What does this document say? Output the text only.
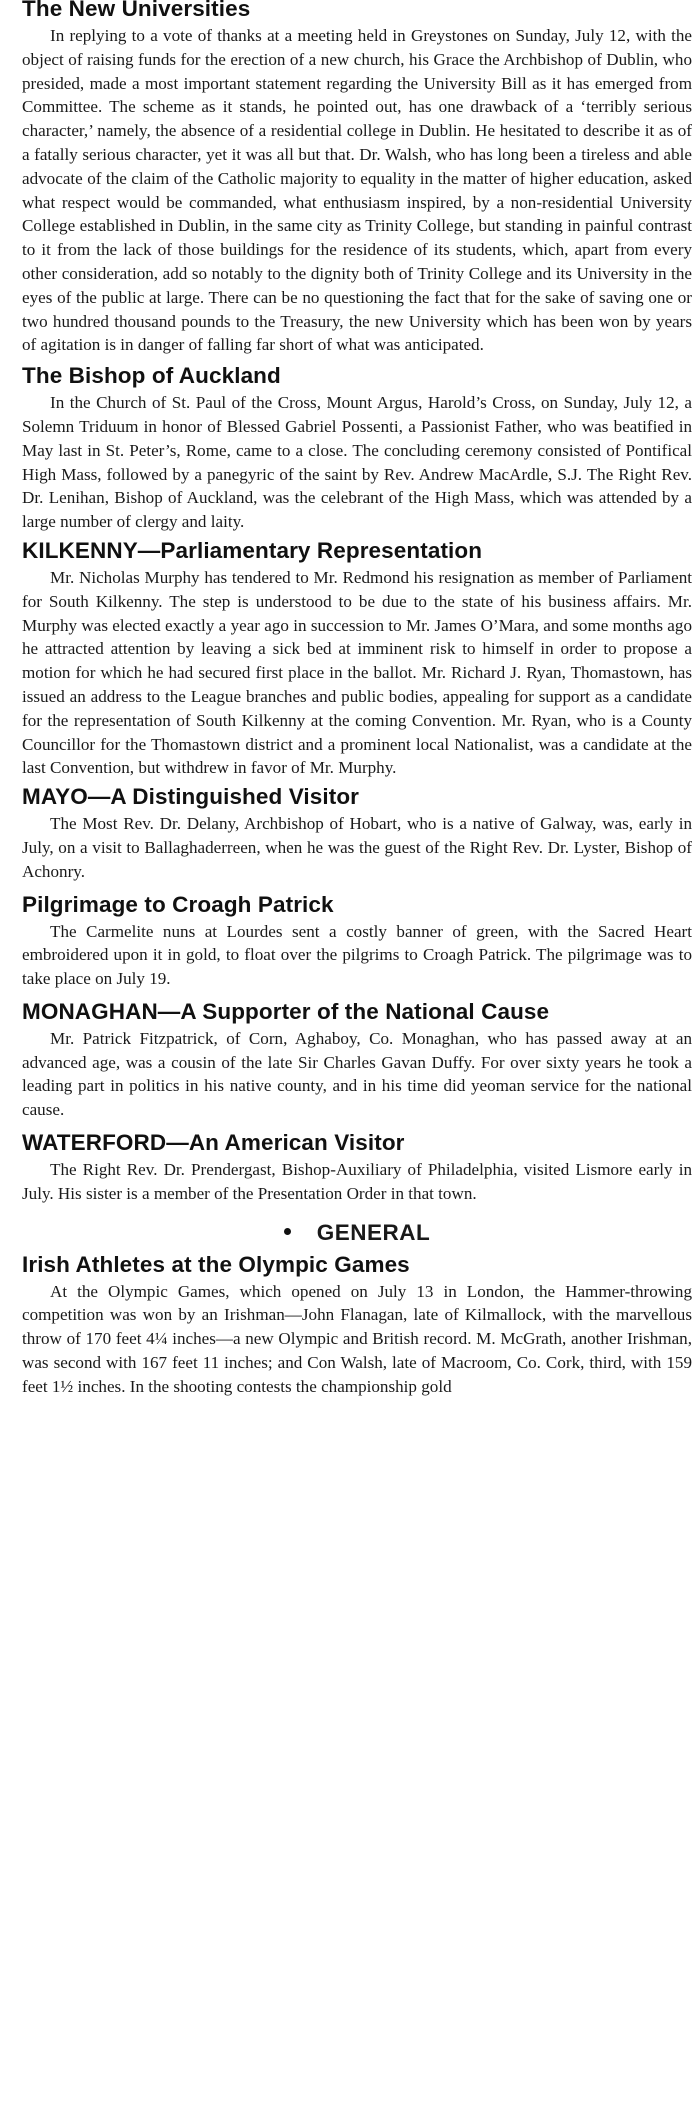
The New Universities

In replying to a vote of thanks at a meeting held in Greystones on Sunday, July 12, with the object of raising funds for the erection of a new church, his Grace the Archbishop of Dublin, who presided, made a most important statement regarding the University Bill as it has emerged from Committee. The scheme as it stands, he pointed out, has one drawback of a ‘terribly serious character,’ namely, the absence of a residential college in Dublin. He hesitated to describe it as of a fatally serious character, yet it was all but that. Dr. Walsh, who has long been a tireless and able advocate of the claim of the Catholic majority to equality in the matter of higher education, asked what respect would be commanded, what enthusiasm inspired, by a non-residential University College established in Dublin, in the same city as Trinity College, but standing in painful contrast to it from the lack of those buildings for the residence of its students, which, apart from every other consideration, add so notably to the dignity both of Trinity College and its University in the eyes of the public at large. There can be no questioning the fact that for the sake of saving one or two hundred thousand pounds to the Treasury, the new University which has been won by years of agitation is in danger of falling far short of what was anticipated.

The Bishop of Auckland

In the Church of St. Paul of the Cross, Mount Argus, Harold’s Cross, on Sunday, July 12, a Solemn Triduum in honor of Blessed Gabriel Possenti, a Passionist Father, who was beatified in May last in St. Peter’s, Rome, came to a close. The concluding ceremony consisted of Pontifical High Mass, followed by a panegyric of the saint by Rev. Andrew MacArdle, S.J. The Right Rev. Dr. Lenihan, Bishop of Auckland, was the celebrant of the High Mass, which was attended by a large number of clergy and laity.

KILKENNY—Parliamentary Representation

Mr. Nicholas Murphy has tendered to Mr. Redmond his resignation as member of Parliament for South Kilkenny. The step is understood to be due to the state of his business affairs. Mr. Murphy was elected exactly a year ago in succession to Mr. James O’Mara, and some months ago he attracted attention by leaving a sick bed at imminent risk to himself in order to propose a motion for which he had secured first place in the ballot. Mr. Richard J. Ryan, Thomastown, has issued an address to the League branches and public bodies, appealing for support as a candidate for the representation of South Kilkenny at the coming Convention. Mr. Ryan, who is a County Councillor for the Thomastown district and a prominent local Nationalist, was a candidate at the last Convention, but withdrew in favor of Mr. Murphy.

MAYO—A Distinguished Visitor

The Most Rev. Dr. Delany, Archbishop of Hobart, who is a native of Galway, was, early in July, on a visit to Ballaghaderreen, when he was the guest of the Right Rev. Dr. Lyster, Bishop of Achonry.

Pilgrimage to Croagh Patrick

The Carmelite nuns at Lourdes sent a costly banner of green, with the Sacred Heart embroidered upon it in gold, to float over the pilgrims to Croagh Patrick. The pilgrimage was to take place on July 19.

MONAGHAN—A Supporter of the National Cause

Mr. Patrick Fitzpatrick, of Corn, Aghaboy, Co. Monaghan, who has passed away at an advanced age, was a cousin of the late Sir Charles Gavan Duffy. For over sixty years he took a leading part in politics in his native county, and in his time did yeoman service for the national cause.

WATERFORD—An American Visitor

The Right Rev. Dr. Prendergast, Bishop-Auxiliary of Philadelphia, visited Lismore early in July. His sister is a member of the Presentation Order in that town.

GENERAL
Irish Athletes at the Olympic Games

At the Olympic Games, which opened on July 13 in London, the Hammer-throwing competition was won by an Irishman—John Flanagan, late of Kilmallock, with the marvellous throw of 170 feet 4¼ inches—a new Olympic and British record. M. McGrath, another Irishman, was second with 167 feet 11 inches; and Con Walsh, late of Macroom, Co. Cork, third, with 159 feet 1½ inches. In the shooting contests the championship gold
